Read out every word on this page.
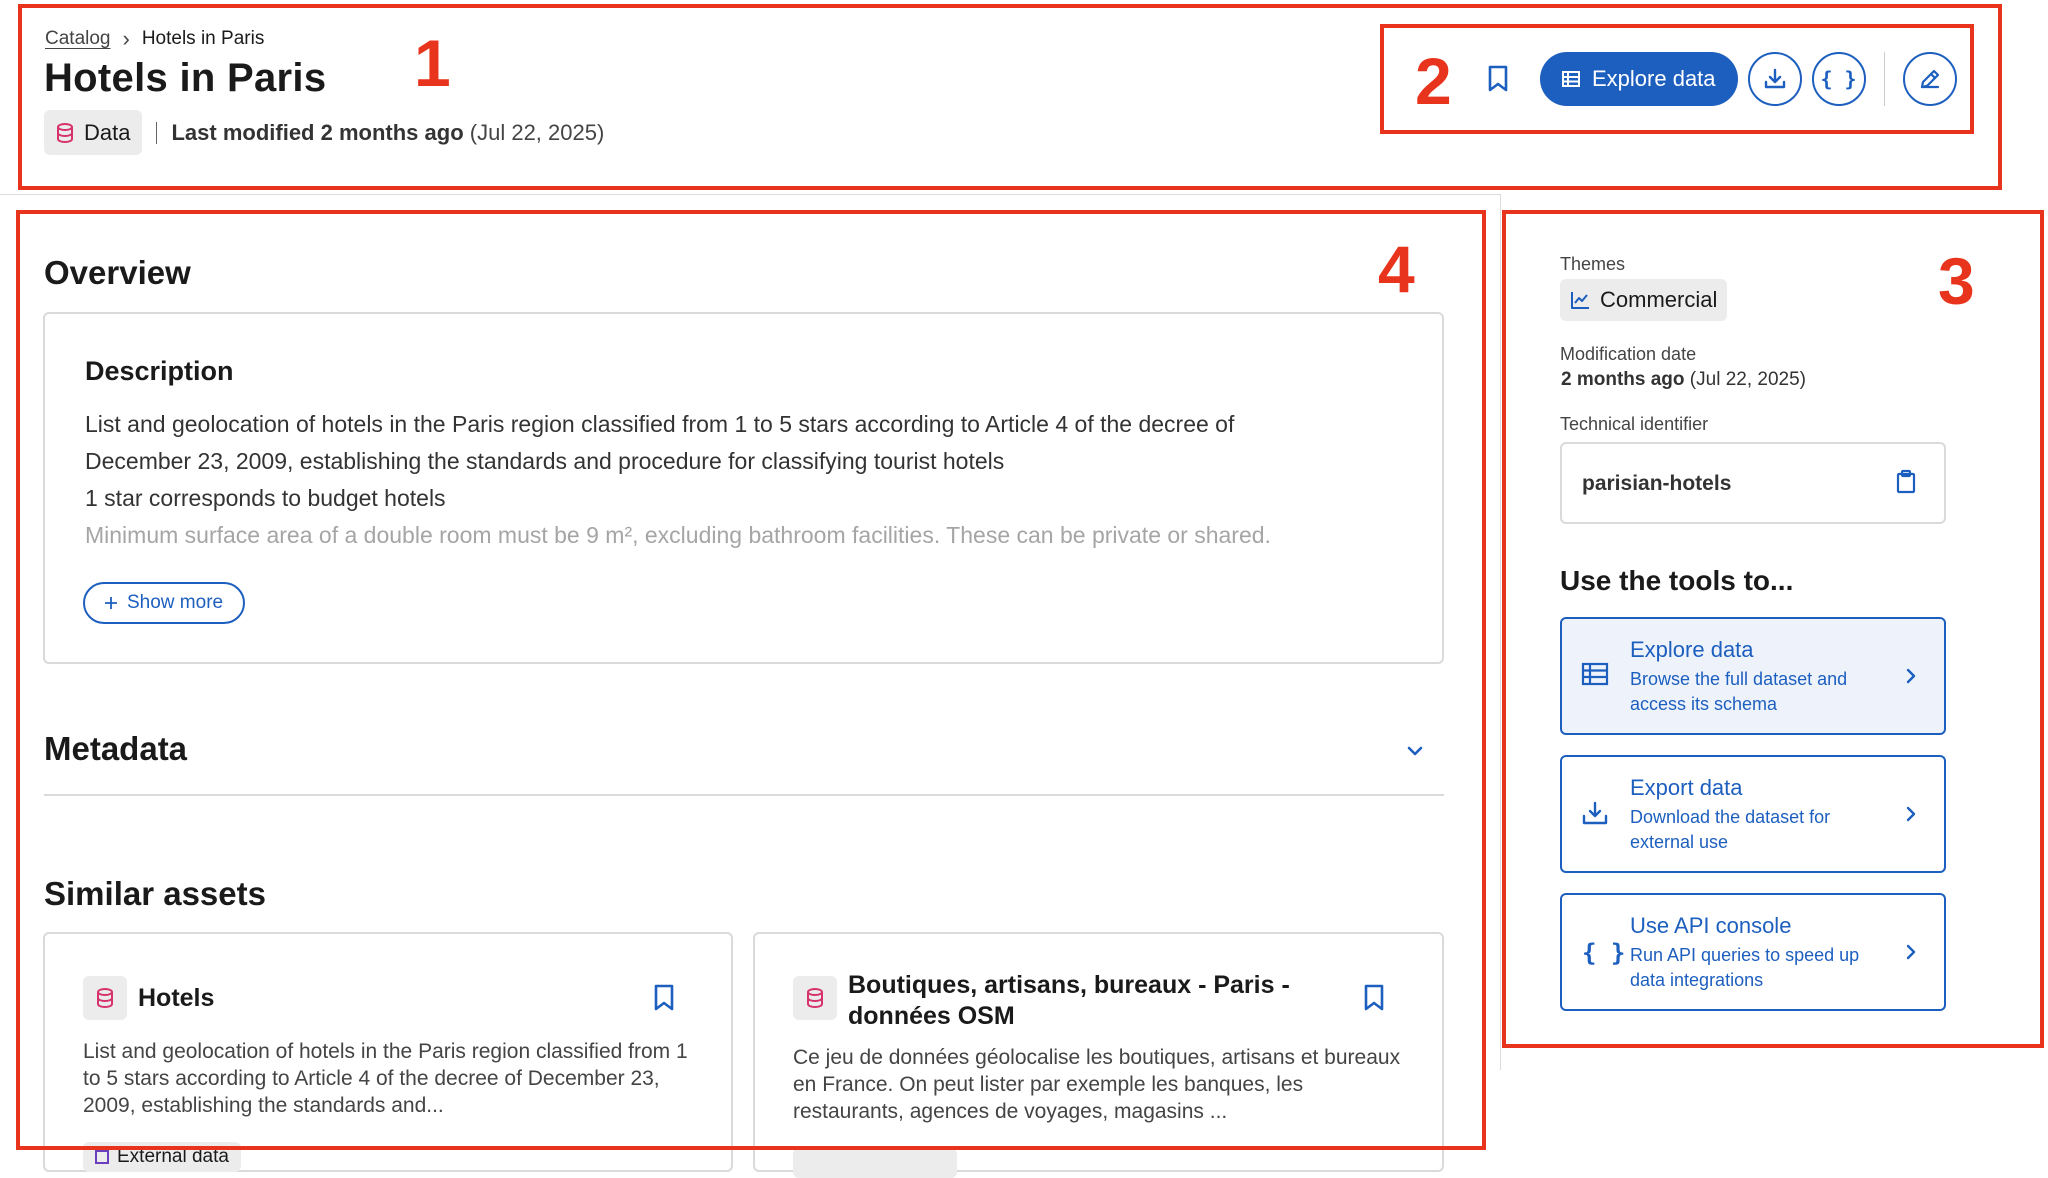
Catalog › Hotels in Paris
Hotels in Paris
Data Last modified 2 months ago (Jul 22, 2025)
Explore data	{ }
Overview
Description

List and geolocation of hotels in the Paris region classified from 1 to 5 stars according to Article 4 of the decree of

December 23, 2009, establishing the standards and procedure for classifying tourist hotels

1 star corresponds to budget hotels

Minimum surface area of a double room must be 9 m², excluding bathroom facilities. These can be private or shared.

Show more
Metadata
Similar assets
Hotels
List and geolocation of hotels in the Paris region classified from 1 to 5 stars according to Article 4 of the decree of December 23, 2009, establishing the standards and...
External data
Boutiques, artisans, bureaux - Paris - données OSM
Ce jeu de données géolocalise les boutiques, artisans et bureaux en France. On peut lister par exemple les banques, les restaurants, agences de voyages, magasins ...
Themes
Commercial
Modification date
2 months ago (Jul 22, 2025)
Technical identifier
parisian-hotels
Use the tools to...
Explore data
Browse the full dataset and access its schema
Export data
Download the dataset for external use
{ }
Use API console
Run API queries to speed up data integrations
1	2
3
4
